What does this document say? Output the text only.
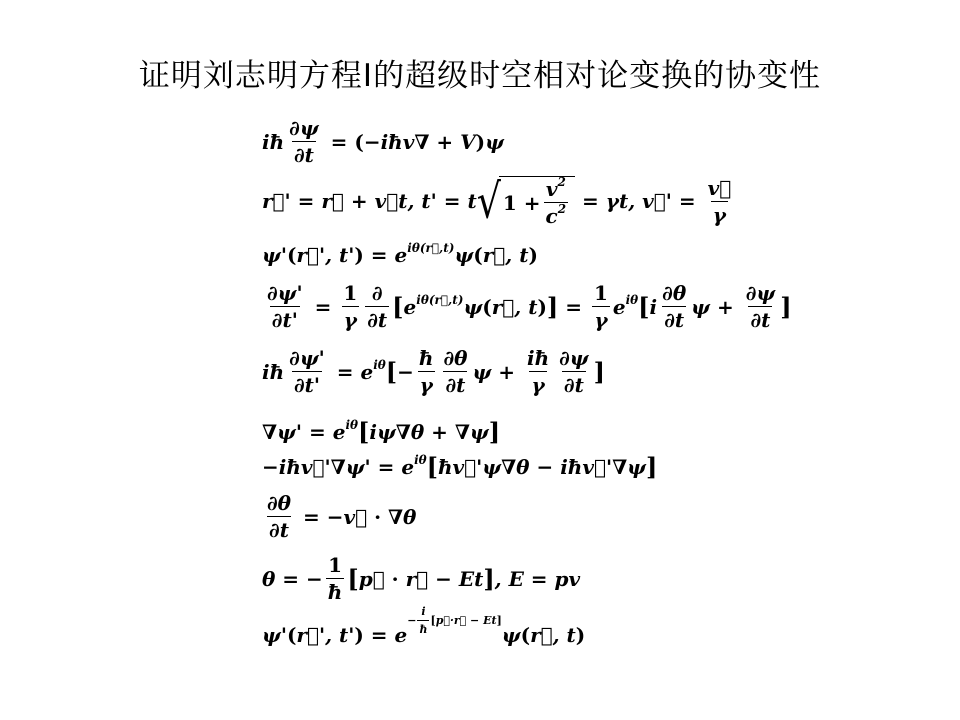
证明刘志明方程I的超级时空相对论变换的协变性
iħ $\frac{\partial\psi}{\partial t}$ = ( −iħv∇ + V ) ψ
r⃗' = r⃗ + v⃗t, t' = t √ $1 + \frac{v^2}{c^2} = \gamma t$, v⃗' = $\frac{v⃗}{\gamma}$
ψ' ( r⃗', t' ) = $e^{i\theta(r⃗,t)}$ ψ ( r⃗, t )
$\frac{\partial\psi'}{\partial t'} = \frac{1}{\gamma} \frac{\partial}{\partial t}$ [ $e^{i\theta(r⃗,t)}$ ψ ( r⃗, t ) ] = $\frac{1}{\gamma} e^{i\theta}$ [ i $\frac{\partial\theta}{\partial t}$ $\psi + \frac{\partial\psi}{\partial t}$ ]
iħ $\frac{\partial\psi'}{\partial t'} = e^{i\theta}$ [ − $\frac{ħ}{\gamma} \frac{\partial\theta}{\partial t}$ $\psi + \frac{iħ}{\gamma} \frac{\partial\psi}{\partial t}$ ]
$\nabla\psi' = e^{i\theta}$ [ iψ∇θ + ∇ψ ]
−iħv⃗'∇ψ' = $e^{i\theta}$ [ ħv⃗'ψ∇θ − iħv⃗'∇ψ ]
$\frac{\partial\theta}{\partial t}$ = − v⃗ · ∇θ
θ = − $\frac{1}{ħ}$ [ p⃗ · r⃗ − Et ] , E = pv
ψ' ( r⃗', t' ) = e
− $\frac{i}{ħ}$ [ p⃗·r⃗ − Et ]
ψ ( r⃗, t )
